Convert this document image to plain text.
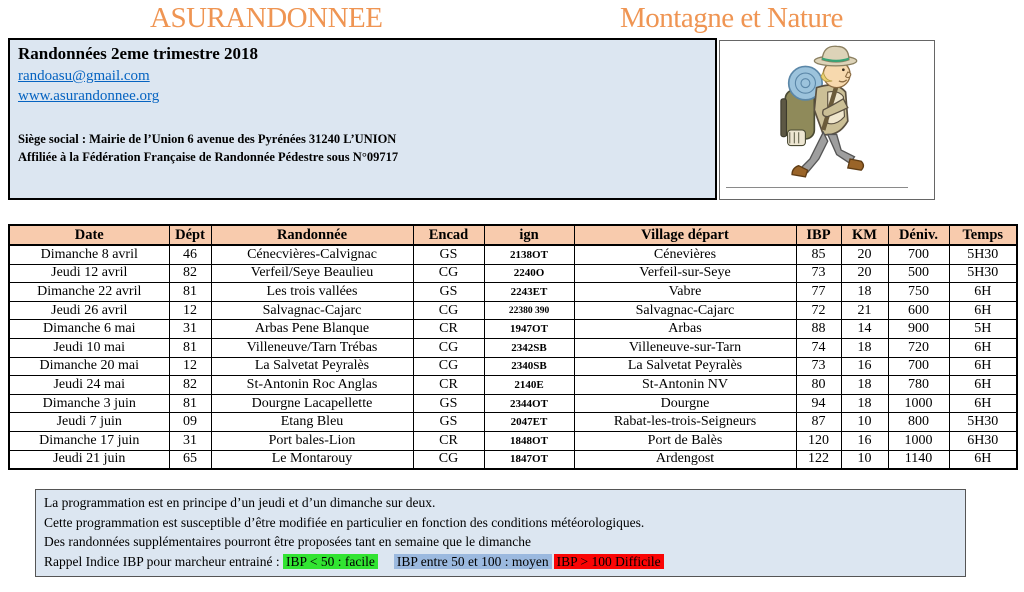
ASURANDONNEE	Montagne et Nature
Randonnées 2eme trimestre 2018
randoasu@gmail.com
www.asurandonnee.org
Siège social : Mairie de l’Union 6 avenue des Pyrénées 31240 L’UNION
Affiliée à la Fédération Française de Randonnée Pédestre sous N°09717
Date	Dépt	Randonnée	Encad	ign	Village départ	IBP	KM	Déniv.	Temps
Dimanche 8 avril	46	Cénecvières-Calvignac	GS	2138OT	Cénevières	85	20	700	5H30
Jeudi 12 avril	82	Verfeil/Seye Beaulieu	CG	2240O	Verfeil-sur-Seye	73	20	500	5H30
Dimanche 22 avril	81	Les trois vallées	GS	2243ET	Vabre	77	18	750	6H
Jeudi 26 avril	12	Salvagnac-Cajarc	CG	22380 390	Salvagnac-Cajarc	72	21	600	6H
Dimanche 6 mai	31	Arbas Pene Blanque	CR	1947OT	Arbas	88	14	900	5H
Jeudi 10 mai	81	Villeneuve/Tarn Trébas	CG	2342SB	Villeneuve-sur-Tarn	74	18	720	6H
Dimanche 20 mai	12	La Salvetat Peyralès	CG	2340SB	La Salvetat Peyralès	73	16	700	6H
Jeudi 24 mai	82	St-Antonin Roc Anglas	CR	2140E	St-Antonin NV	80	18	780	6H
Dimanche 3 juin	81	Dourgne Lacapellette	GS	2344OT	Dourgne	94	18	1000	6H
Jeudi 7 juin	09	Etang Bleu	GS	2047ET	Rabat-les-trois-Seigneurs	87	10	800	5H30
Dimanche 17 juin	31	Port bales-Lion	CR	1848OT	Port de Balès	120	16	1000	6H30
Jeudi 21 juin	65	Le Montarouy	CG	1847OT	Ardengost	122	10	1140	6H
La programmation est en principe d’un jeudi et d’un dimanche sur deux.
Cette programmation est susceptible d’être modifiée en particulier en fonction des conditions météorologiques.
Des randonnées supplémentaires pourront être proposées tant en semaine que le dimanche
Rappel Indice IBP pour marcheur entrainé : IBP < 50 : facile IBP entre 50 et 100 : moyen IBP > 100 Difficile
